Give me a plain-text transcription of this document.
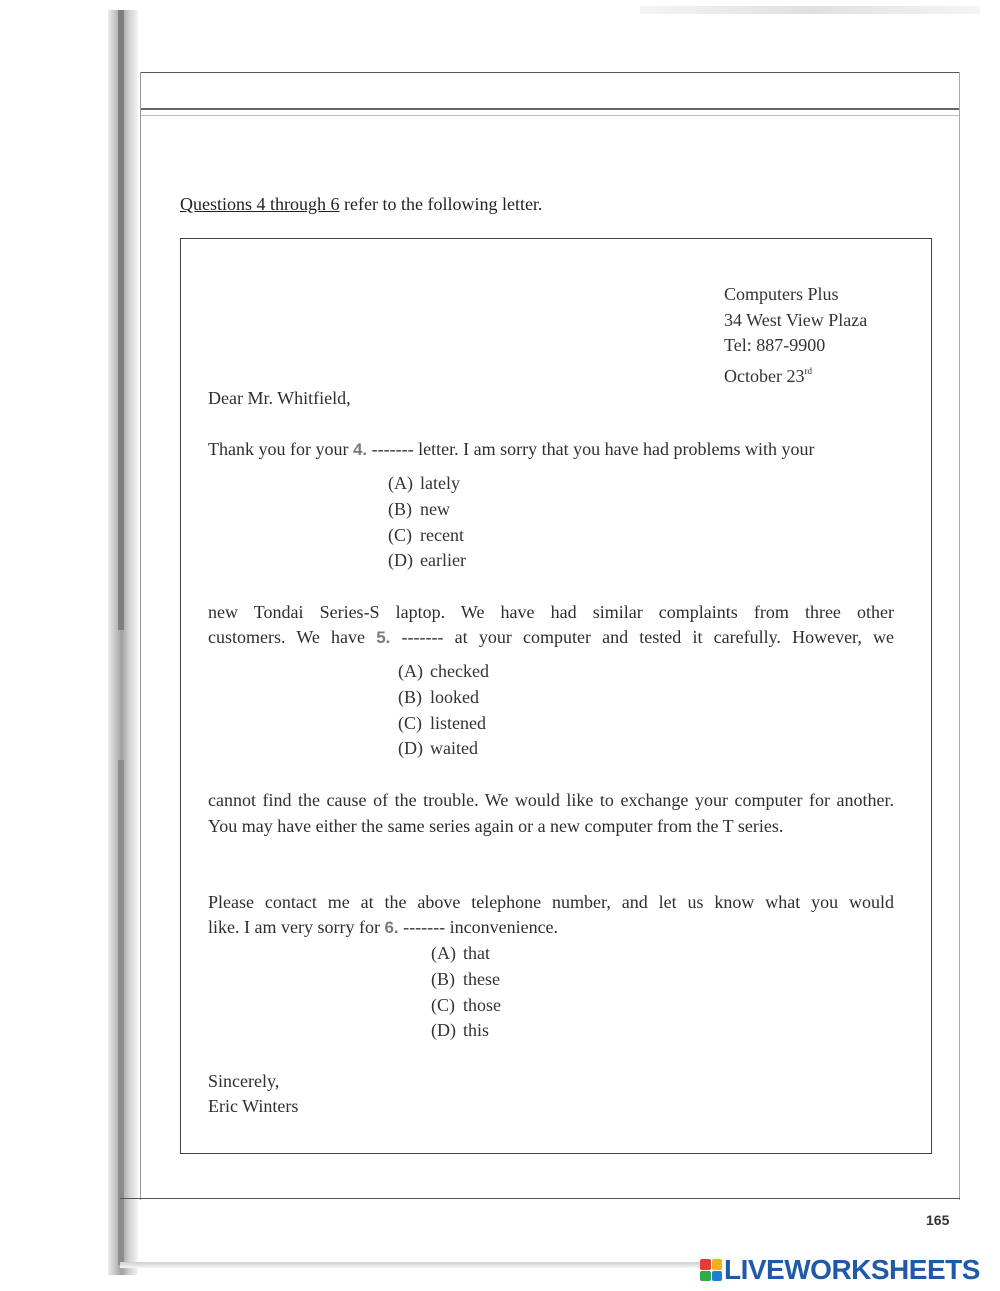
Questions 4 through 6 refer to the following letter.
Computers Plus
34 West View Plaza
Tel: 887-9900
October 23rd
Dear Mr. Whitfield,
Thank you for your 4. ------- letter. I am sorry that you have had problems with your
(A) lately
(B) new
(C) recent
(D) earlier
new Tondai Series-S laptop. We have had similar complaints from three other
customers. We have 5. ------- at your computer and tested it carefully. However, we
(A) checked
(B) looked
(C) listened
(D) waited
cannot find the cause of the trouble. We would like to exchange your computer for another. You may have either the same series again or a new computer from the T series.
Please contact me at the above telephone number, and let us know what you would
like. I am very sorry for 6. ------- inconvenience.
(A) that
(B) these
(C) those
(D) this
Sincerely,
Eric Winters
165
LIVEWORKSHEETS
